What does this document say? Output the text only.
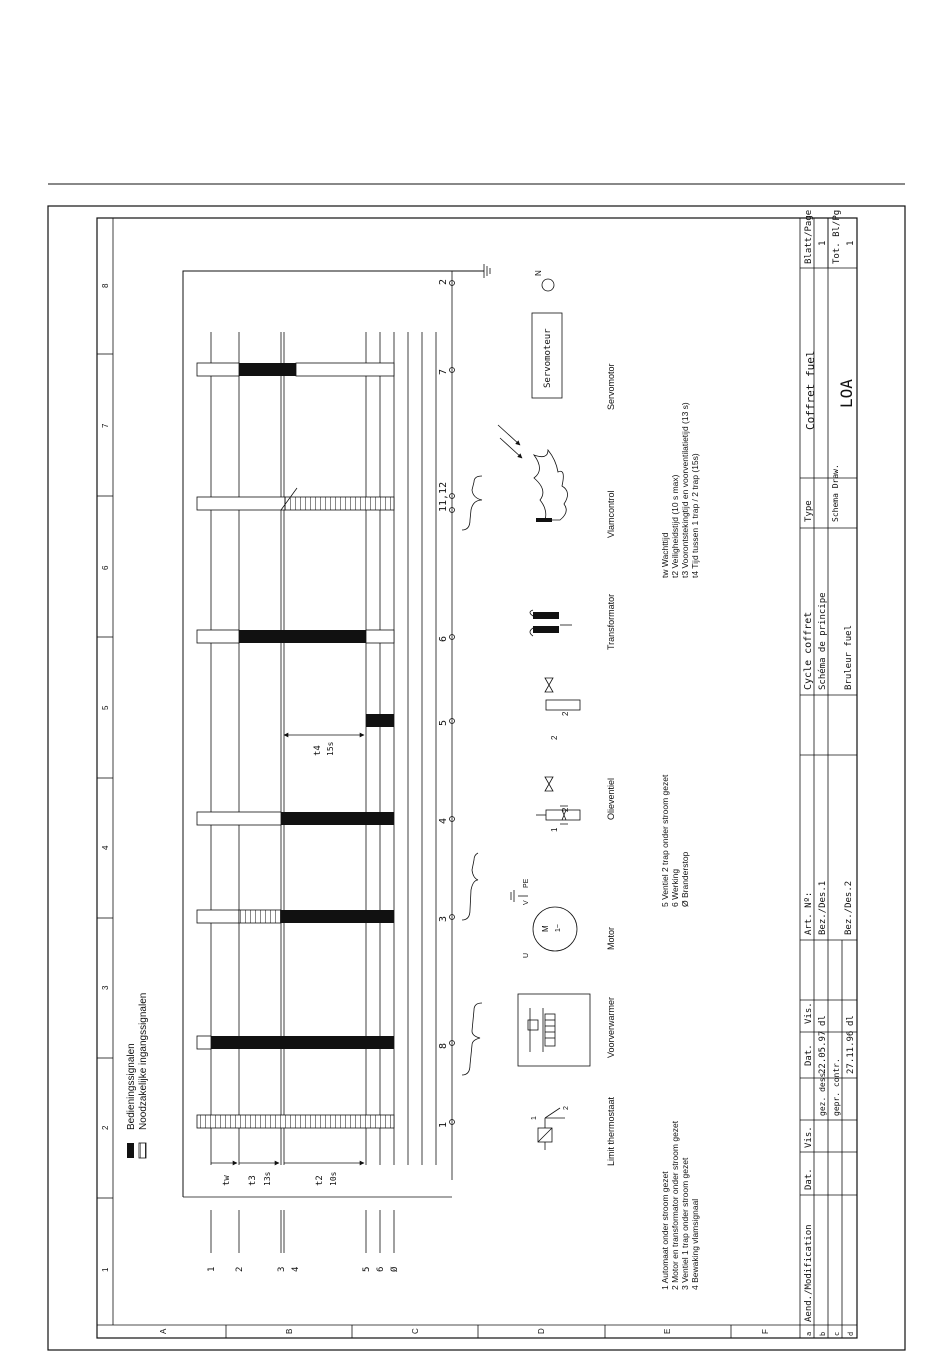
1
2
3
4
5
6
7
8
A	B	C	D	E	F
1
8
3
4
5
6
11,12
7
2
tw t3 13s	t2 10s
t4 15s
1 2	3 4	5 6 Ø
Bedieningssignalen Noodzakelijke ingangssignalen	1
2
M 1~
U
V
PE
1
2
2
2
Servomoteur
N
Limit thermostaat
Voorverwarmer
Motor
Olieventiel
Transformator
Vlamcontrol
Servomotor
1 Automaat onder stroom gezet 2 Motor en transformator onder stroom gezet 3 Ventiel 1 trap onder stroom gezet 4 Bewaking vlamsignaal
5 Ventiel 2 trap onder stroom gezet 6 Werking Ø Branderstop
tw Wachttijd t2 Veiligheidstijd (10 s max) t3 Voorontstekingtijd en voorventilatietijd (13 s) t4 Tijd tussen 1 trap / 2 trap (15s)
a b c d
Aend./Modification
Dat.
Vis.
gez. dess.
22.05.97
dl
Dat.
Vis.
gepr. contr.
27.11.96
dl
Art. Nº:
Cycle coffret
Bez./Des.1
Schéma de principe
Bez./Des.2
Bruleur fuel
Type
Coffret fuel
Schema Draw.
LOA
Blatt/Page 1 Tot. Bl/Pg 1
